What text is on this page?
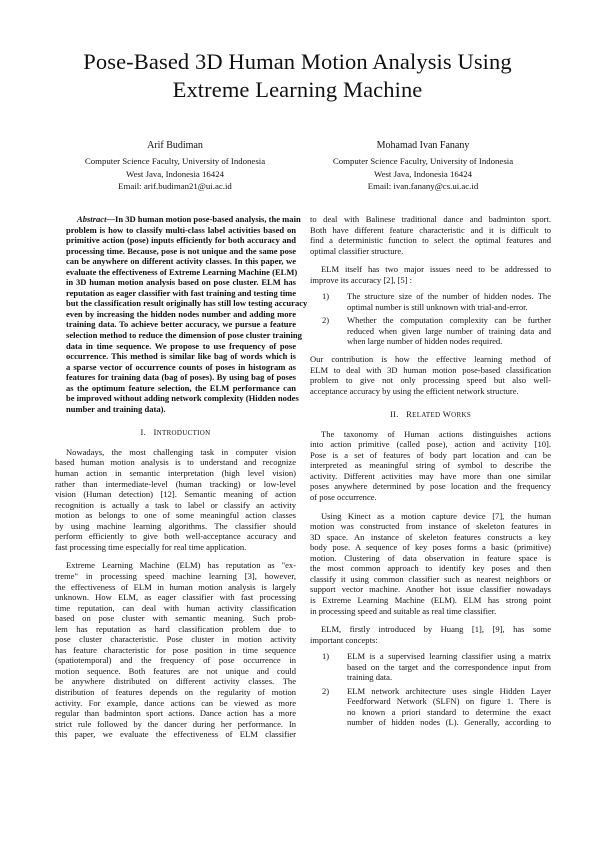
Pose-Based 3D Human Motion Analysis Using
Extreme Learning Machine
Arif Budiman
Computer Science Faculty, University of Indonesia
West Java, Indonesia 16424
Email: arif.budiman21@ui.ac.id
Mohamad Ivan Fanany
Computer Science Faculty, University of Indonesia
West Java, Indonesia 16424
Email: ivan.fanany@cs.ui.ac.id
Abstract—In 3D human motion pose-based analysis, the main
problem is how to classify multi-class label activities based on
primitive action (pose) inputs efficiently for both accuracy and
processing time. Because, pose is not unique and the same pose
can be anywhere on different activity classes. In this paper, we
evaluate the effectiveness of Extreme Learning Machine (ELM)
in 3D human motion analysis based on pose cluster. ELM has
reputation as eager classifier with fast training and testing time
but the classification result originally has still low testing accuracy
even by increasing the hidden nodes number and adding more
training data. To achieve better accuracy, we pursue a feature
selection method to reduce the dimension of pose cluster training
data in time sequence. We propose to use frequency of pose
occurrence. This method is similar like bag of words which is
a sparse vector of occurrence counts of poses in histogram as
features for training data (bag of poses). By using bag of poses
as the optimum feature selection, the ELM performance can
be improved without adding network complexity (Hidden nodes
number and training data).
I. INTRODUCTION
Nowadays, the most challenging task in computer vision
based human motion analysis is to understand and recognize
human action in semantic interpretation (high level vision)
rather than intermediate-level (human tracking) or low-level
vision (Human detection) [12]. Semantic meaning of action
recognition is actually a task to label or classify an activity
motion as belongs to one of some meaningful action classes
by using machine learning algorithms. The classifier should
perform efficiently to give both well-acceptance accuracy and
fast processing time especially for real time application.
Extreme Learning Machine (ELM) has reputation as "ex-
treme" in processing speed machine learning [3], however,
the effectiveness of ELM in human motion analysis is largely
unknown. How ELM, as eager classifier with fast processing
time reputation, can deal with human activity classification
based on pose cluster with semantic meaning. Such prob-
lem has reputation as hard classification problem due to
pose cluster characteristic. Pose cluster in motion activity
has feature characteristic for pose position in time sequence
(spatiotemporal) and the frequency of pose occurrence in
motion sequence. Both features are not unique and could
be anywhere distributed on different activity classes. The
distribution of features depends on the regularity of motion
activity. For example, dance actions can be viewed as more
regular than badminton sport actions. Dance action has a more
strict rule followed by the dancer during her performance. In
this paper, we evaluate the effectiveness of ELM classifier
to deal with Balinese traditional dance and badminton sport.
Both have different feature characteristic and it is difficult to
find a deterministic function to select the optimal features and
optimal classifier structure.
ELM itself has two major issues need to be addressed to
improve its accuracy [2], [5] :
1) The structure size of the number of hidden nodes. The
optimal number is still unknown with trial-and-error.
2) Whether the computation complexity can be further
reduced when given large number of training data and
when large number of hidden nodes required.
Our contribution is how the effective learning method of
ELM to deal with 3D human motion pose-based classification
problem to give not only processing speed but also well-
acceptance accuracy by using the efficient network structure.
II. RELATED WORKS
The taxonomy of Human actions distinguishes actions
into action primitive (called pose), action and activity [10].
Pose is a set of features of body part location and can be
interpreted as meaningful string of symbol to describe the
activity. Different activities may have more than one similar
poses anywhere determined by pose location and the frequency
of pose occurrence.
Using Kinect as a motion capture device [7], the human
motion was constructed from instance of skeleton features in
3D space. An instance of skeleton features constructs a key
body pose. A sequence of key poses forms a basic (primitive)
motion. Clustering of data observation in feature space is
the most common approach to identify key poses and then
classify it using common classifier such as nearest neighbors or
support vector machine. Another hot issue classifier nowadays
is Extreme Learning Machine (ELM). ELM has strong point
in processing speed and suitable as real time classifier.
ELM, firstly introduced by Huang [1], [9], has some
important concepts:
1) ELM is a supervised learning classifier using a matrix
based on the target and the correspondence input from
training data.
2) ELM network architecture uses single Hidden Layer
Feedforward Network (SLFN) on figure 1. There is
no known a priori standard to determine the exact
number of hidden nodes (L). Generally, according to
